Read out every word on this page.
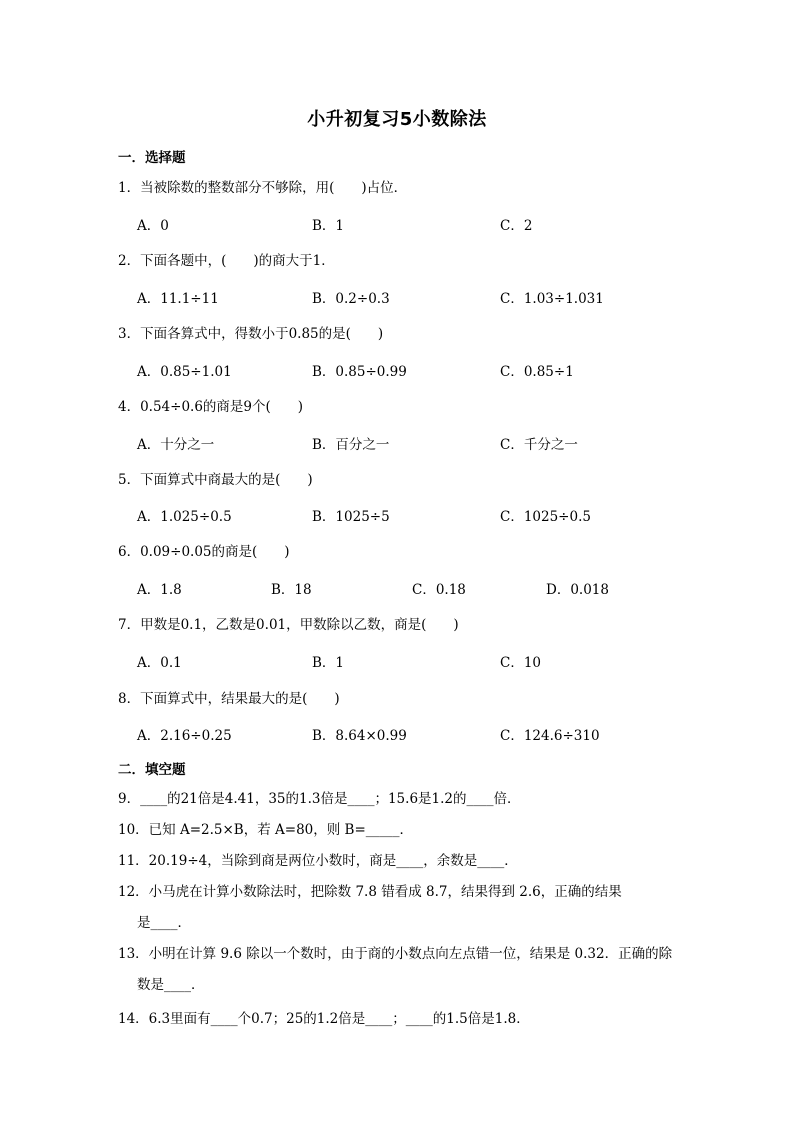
小升初复习5小数除法
一．选择题
1．当被除数的整数部分不够除，用(　　)占位．
A．0	B．1	C．2
2．下面各题中，(　　)的商大于1．
A．11.1÷11	B．0.2÷0.3	C．1.03÷1.031
3．下面各算式中，得数小于0.85的是(　　)
A．0.85÷1.01	B．0.85÷0.99	C．0.85÷1
4．0.54÷0.6的商是9个(　　)
A．十分之一	B．百分之一	C．千分之一
5．下面算式中商最大的是(　　)
A．1.025÷0.5	B．1025÷5	C．1025÷0.5
6．0.09÷0.05的商是(　　)
A．1.8	B．18	C．0.18	D．0.018
7．甲数是0.1，乙数是0.01，甲数除以乙数，商是(　　)
A．0.1	B．1	C．10
8．下面算式中，结果最大的是(　　)
A．2.16÷0.25	B．8.64×0.99	C．124.6÷310
二．填空题
9．____的21倍是4.41，35的1.3倍是____；15.6是1.2的____倍．
10．已知 A=2.5×B，若 A=80，则 B=_____．
11．20.19÷4，当除到商是两位小数时，商是____，余数是____．
12．小马虎在计算小数除法时，把除数 7.8 错看成 8.7，结果得到 2.6，正确的结果
是____．
13．小明在计算 9.6 除以一个数时，由于商的小数点向左点错一位，结果是 0.32．正确的除
数是____．
14．6.3里面有____个0.7；25的1.2倍是____；____的1.5倍是1.8．
